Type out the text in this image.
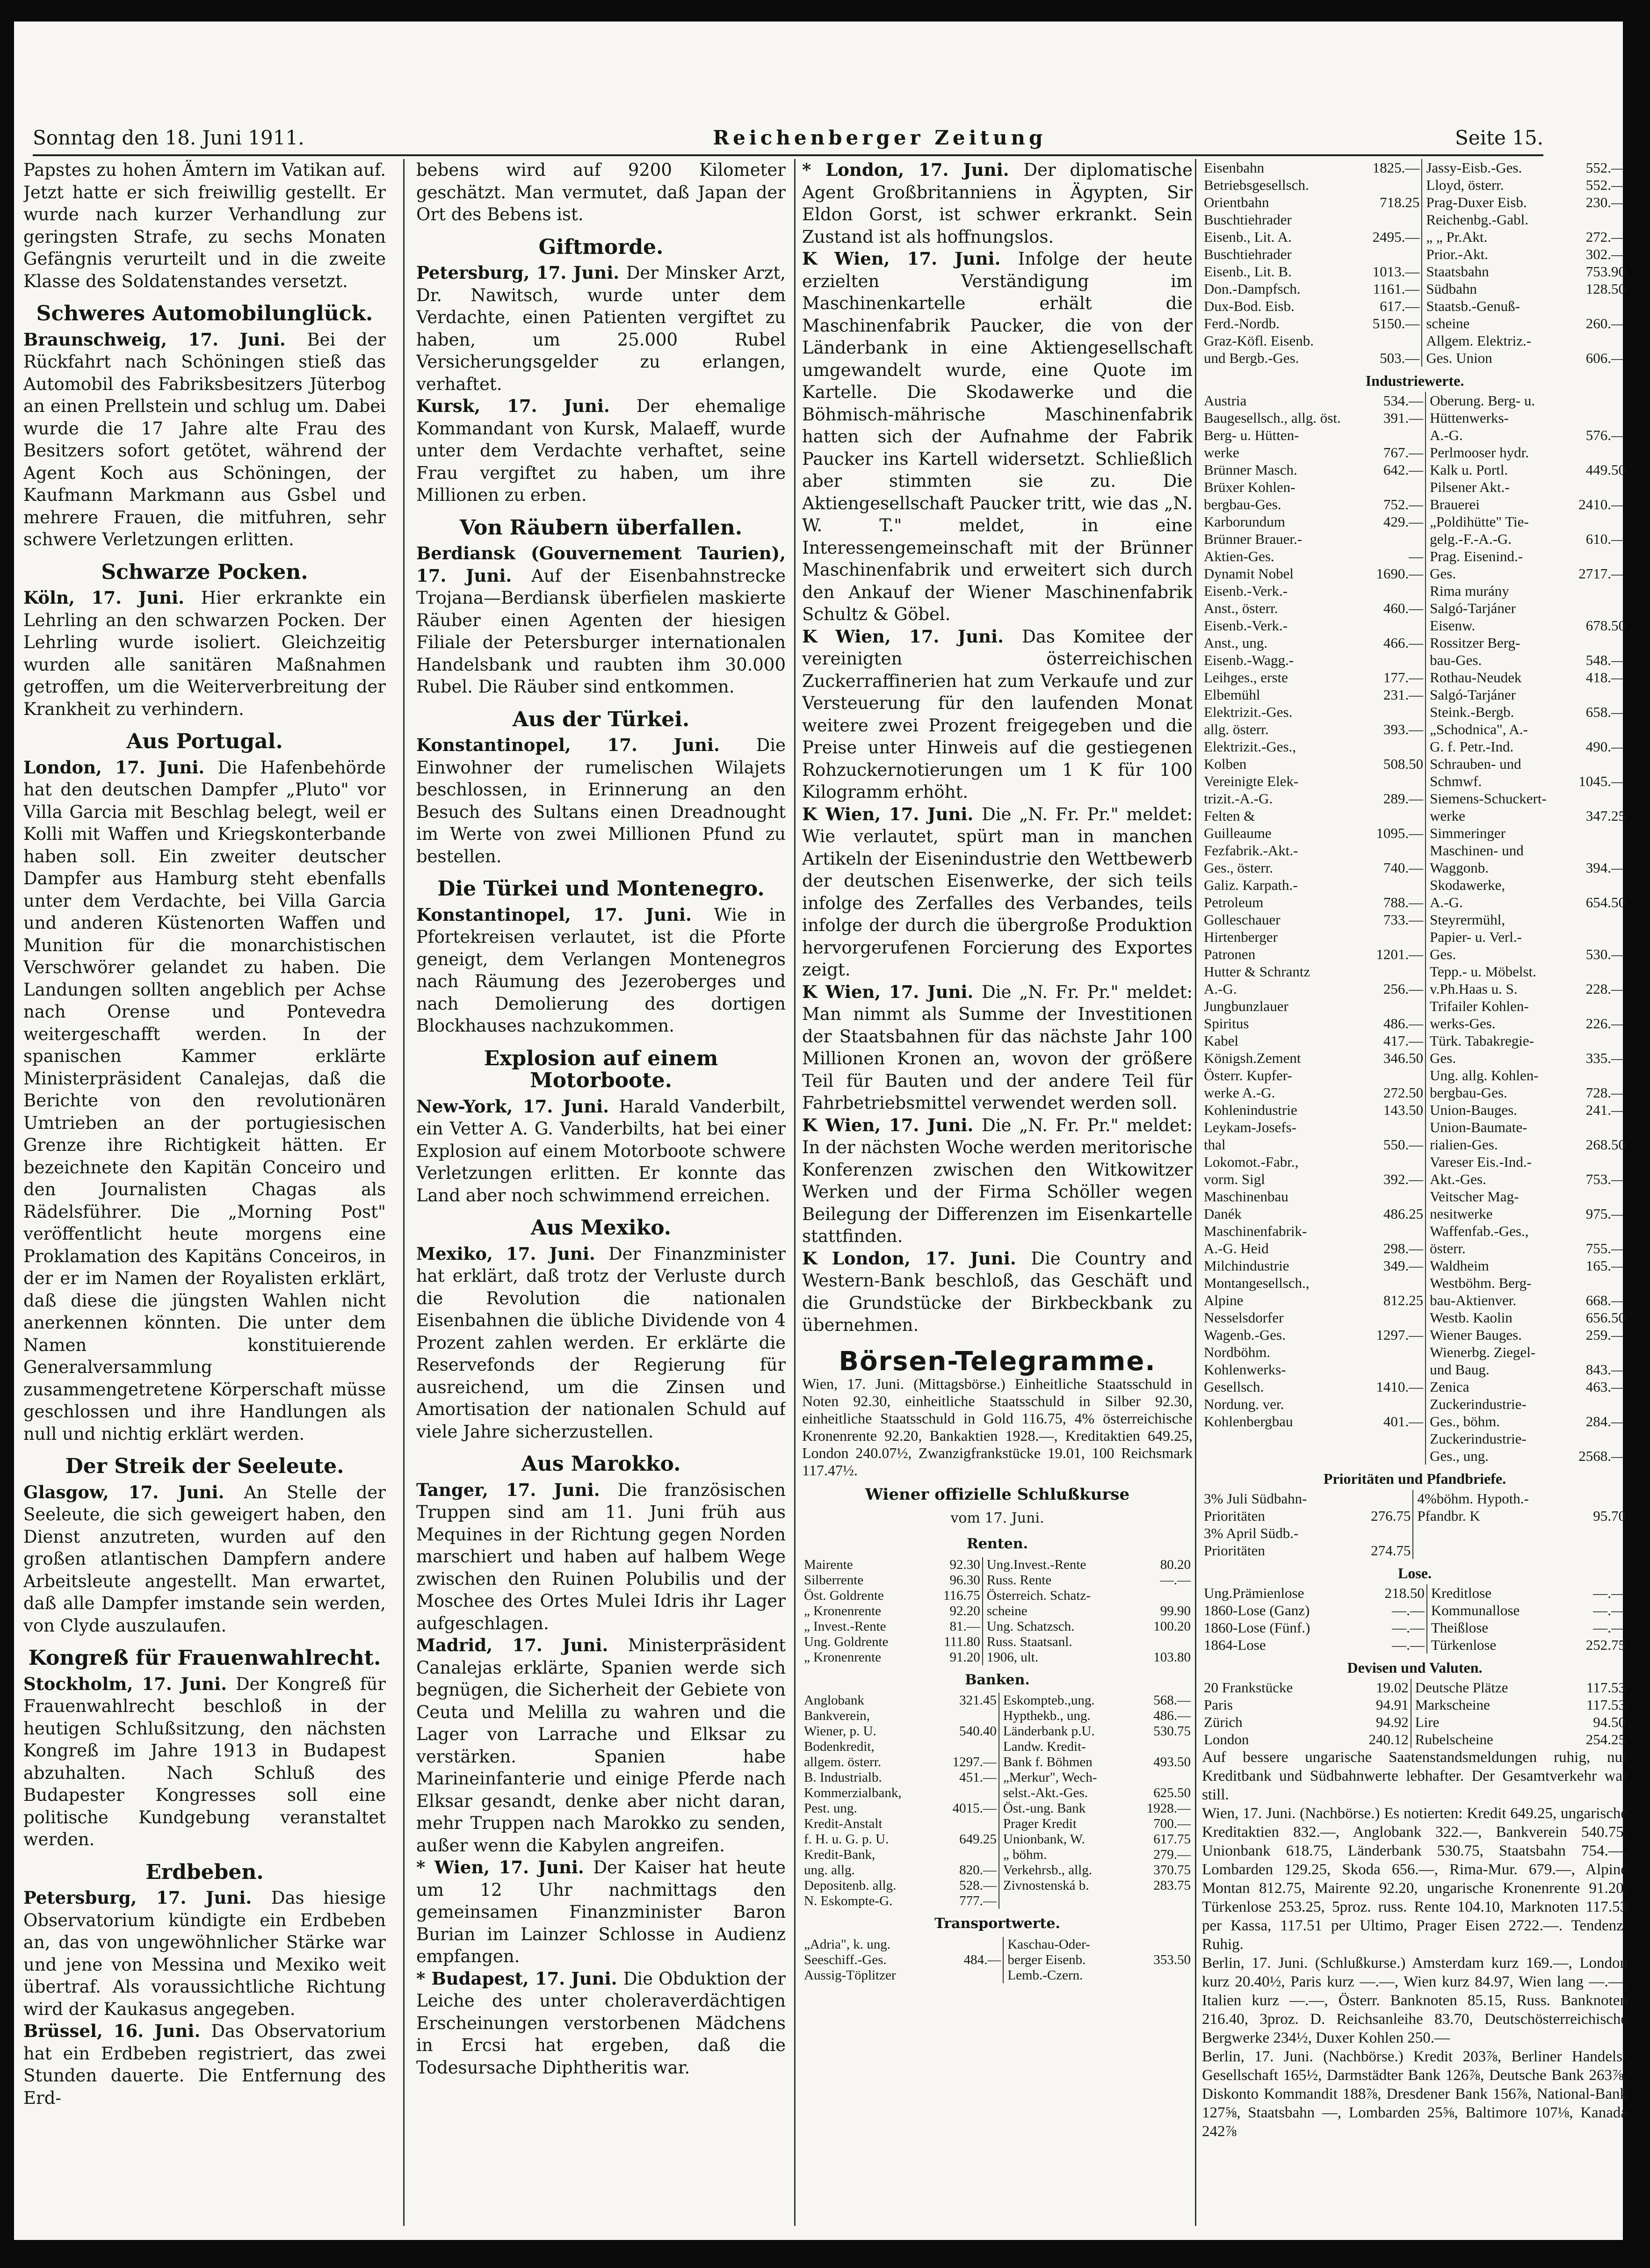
Sonntag den 18. Juni 1911.	Reichenberger Zeitung	Seite 15.

Papstes zu hohen Ämtern im Vatikan auf. Jetzt hatte er sich freiwillig gestellt. Er wurde nach kurzer Verhandlung zur geringsten Strafe, zu sechs Monaten Gefängnis verurteilt und in die zweite Klasse des Soldatenstandes versetzt.

Schweres Automobilunglück.

Braunschweig, 17. Juni. Bei der Rückfahrt nach Schöningen stieß das Automobil des Fabriksbesitzers Jüterbog an einen Prellstein und schlug um. Dabei wurde die 17 Jahre alte Frau des Besitzers sofort getötet, während der Agent Koch aus Schöningen, der Kaufmann Markmann aus Gsbel und mehrere Frauen, die mitfuhren, sehr schwere Verletzungen erlitten.

Schwarze Pocken.

Köln, 17. Juni. Hier erkrankte ein Lehrling an den schwarzen Pocken. Der Lehrling wurde isoliert. Gleichzeitig wurden alle sanitären Maßnahmen getroffen, um die Weiterverbreitung der Krankheit zu verhindern.

Aus Portugal.

London, 17. Juni. Die Hafenbehörde hat den deutschen Dampfer „Pluto" vor Villa Garcia mit Beschlag belegt, weil er Kolli mit Waffen und Kriegskonterbande haben soll. Ein zweiter deutscher Dampfer aus Hamburg steht ebenfalls unter dem Verdachte, bei Villa Garcia und anderen Küstenorten Waffen und Munition für die monarchistischen Verschwörer gelandet zu haben. Die Landungen sollten angeblich per Achse nach Orense und Pontevedra weitergeschafft werden. In der spanischen Kammer erklärte Ministerpräsident Canalejas, daß die Berichte von den revolutionären Umtrieben an der portugiesischen Grenze ihre Richtigkeit hätten. Er bezeichnete den Kapitän Conceiro und den Journalisten Chagas als Rädelsführer. Die „Morning Post" veröffentlicht heute morgens eine Proklamation des Kapitäns Conceiros, in der er im Namen der Royalisten erklärt, daß diese die jüngsten Wahlen nicht anerkennen könnten. Die unter dem Namen konstituierende Generalversammlung zusammengetretene Körperschaft müsse geschlossen und ihre Handlungen als null und nichtig erklärt werden.

Der Streik der Seeleute.

Glasgow, 17. Juni. An Stelle der Seeleute, die sich geweigert haben, den Dienst anzutreten, wurden auf den großen atlantischen Dampfern andere Arbeitsleute angestellt. Man erwartet, daß alle Dampfer imstande sein werden, von Clyde auszulaufen.

Kongreß für Frauenwahlrecht.

Stockholm, 17. Juni. Der Kongreß für Frauenwahlrecht beschloß in der heutigen Schlußsitzung, den nächsten Kongreß im Jahre 1913 in Budapest abzuhalten. Nach Schluß des Budapester Kongresses soll eine politische Kundgebung veranstaltet werden.

Erdbeben.

Petersburg, 17. Juni. Das hiesige Observatorium kündigte ein Erdbeben an, das von ungewöhnlicher Stärke war und jene von Messina und Mexiko weit übertraf. Als voraussichtliche Richtung wird der Kaukasus angegeben.

Brüssel, 16. Juni. Das Observatorium hat ein Erdbeben registriert, das zwei Stunden dauerte. Die Entfernung des Erd-

bebens wird auf 9200 Kilometer geschätzt. Man vermutet, daß Japan der Ort des Bebens ist.

Giftmorde.

Petersburg, 17. Juni. Der Minsker Arzt, Dr. Nawitsch, wurde unter dem Verdachte, einen Patienten vergiftet zu haben, um 25.000 Rubel Versicherungsgelder zu erlangen, verhaftet.

Kursk, 17. Juni. Der ehemalige Kommandant von Kursk, Malaeff, wurde unter dem Verdachte verhaftet, seine Frau vergiftet zu haben, um ihre Millionen zu erben.

Von Räubern überfallen.

Berdiansk (Gouvernement Taurien), 17. Juni. Auf der Eisenbahnstrecke Trojana—Berdiansk überfielen maskierte Räuber einen Agenten der hiesigen Filiale der Petersburger internationalen Handelsbank und raubten ihm 30.000 Rubel. Die Räuber sind entkommen.

Aus der Türkei.

Konstantinopel, 17. Juni. Die Einwohner der rumelischen Wilajets beschlossen, in Erinnerung an den Besuch des Sultans einen Dreadnought im Werte von zwei Millionen Pfund zu bestellen.

Die Türkei und Montenegro.

Konstantinopel, 17. Juni. Wie in Pfortekreisen verlautet, ist die Pforte geneigt, dem Verlangen Montenegros nach Räumung des Jezeroberges und nach Demolierung des dortigen Blockhauses nachzukommen.

Explosion auf einem Motorboote.

New-York, 17. Juni. Harald Vanderbilt, ein Vetter A. G. Vanderbilts, hat bei einer Explosion auf einem Motorboote schwere Verletzungen erlitten. Er konnte das Land aber noch schwimmend erreichen.

Aus Mexiko.

Mexiko, 17. Juni. Der Finanzminister hat erklärt, daß trotz der Verluste durch die Revolution die nationalen Eisenbahnen die übliche Dividende von 4 Prozent zahlen werden. Er erklärte die Reservefonds der Regierung für ausreichend, um die Zinsen und Amortisation der nationalen Schuld auf viele Jahre sicherzustellen.

Aus Marokko.

Tanger, 17. Juni. Die französischen Truppen sind am 11. Juni früh aus Mequines in der Richtung gegen Norden marschiert und haben auf halbem Wege zwischen den Ruinen Polubilis und der Moschee des Ortes Mulei Idris ihr Lager aufgeschlagen.

Madrid, 17. Juni. Ministerpräsident Canalejas erklärte, Spanien werde sich begnügen, die Sicherheit der Gebiete von Ceuta und Melilla zu wahren und die Lager von Larrache und Elksar zu verstärken. Spanien habe Marineinfanterie und einige Pferde nach Elksar gesandt, denke aber nicht daran, mehr Truppen nach Marokko zu senden, außer wenn die Kabylen angreifen.

* Wien, 17. Juni. Der Kaiser hat heute um 12 Uhr nachmittags den gemeinsamen Finanzminister Baron Burian im Lainzer Schlosse in Audienz empfangen.

* Budapest, 17. Juni. Die Obduktion der Leiche des unter choleraverdächtigen Erscheinungen verstorbenen Mädchens in Ercsi hat ergeben, daß die Todesursache Diphtheritis war.

* London, 17. Juni. Der diplomatische Agent Großbritanniens in Ägypten, Sir Eldon Gorst, ist schwer erkrankt. Sein Zustand ist als hoffnungslos.

K Wien, 17. Juni. Infolge der heute erzielten Verständigung im Maschinenkartelle erhält die Maschinenfabrik Paucker, die von der Länderbank in eine Aktiengesellschaft umgewandelt wurde, eine Quote im Kartelle. Die Skodawerke und die Böhmisch-mährische Maschinenfabrik hatten sich der Aufnahme der Fabrik Paucker ins Kartell widersetzt. Schließlich aber stimmten sie zu. Die Aktiengesellschaft Paucker tritt, wie das „N. W. T." meldet, in eine Interessengemeinschaft mit der Brünner Maschinenfabrik und erweitert sich durch den Ankauf der Wiener Maschinenfabrik Schultz & Göbel.

K Wien, 17. Juni. Das Komitee der vereinigten österreichischen Zuckerraffinerien hat zum Verkaufe und zur Versteuerung für den laufenden Monat weitere zwei Prozent freigegeben und die Preise unter Hinweis auf die gestiegenen Rohzuckernotierungen um 1 K für 100 Kilogramm erhöht.

K Wien, 17. Juni. Die „N. Fr. Pr." meldet: Wie verlautet, spürt man in manchen Artikeln der Eisenindustrie den Wettbewerb der deutschen Eisenwerke, der sich teils infolge des Zerfalles des Verbandes, teils infolge der durch die übergroße Produktion hervorgerufenen Forcierung des Exportes zeigt.

K Wien, 17. Juni. Die „N. Fr. Pr." meldet: Man nimmt als Summe der Investitionen der Staatsbahnen für das nächste Jahr 100 Millionen Kronen an, wovon der größere Teil für Bauten und der andere Teil für Fahrbetriebsmittel verwendet werden soll.

K Wien, 17. Juni. Die „N. Fr. Pr." meldet: In der nächsten Woche werden meritorische Konferenzen zwischen den Witkowitzer Werken und der Firma Schöller wegen Beilegung der Differenzen im Eisenkartelle stattfinden.

K London, 17. Juni. Die Country and Western-Bank beschloß, das Geschäft und die Grundstücke der Birkbeckbank zu übernehmen.

Börsen-Telegramme.

Wien, 17. Juni. (Mittagsbörse.) Einheitliche Staatsschuld in Noten 92.30, einheitliche Staatsschuld in Silber 92.30, einheitliche Staatsschuld in Gold 116.75, 4% österreichische Kronenrente 92.20, Bankaktien 1928.—, Kreditaktien 649.25, London 240.07½, Zwanzigfrankstücke 19.01, 100 Reichsmark 117.47½.

Wiener offizielle Schlußkurse
vom 17. Juni.
Renten.
Mairente	92.30		Ung.Invest.-Rente	80.20
Silberrente	96.30		Russ. Rente	—.—
Öst. Goldrente	116.75		Österreich. Schatz-	
„ Kronenrente	92.20		scheine	99.90
„ Invest.-Rente	81.—		Ung. Schatzsch.	100.20
Ung. Goldrente	111.80		Russ. Staatsanl.	
„ Kronenrente	91.20		1906, ult.	103.80
Banken.
Anglobank	321.45		Eskompteb.,ung.	568.—
Bankverein,			Hypthekb., ung.	486.—
Wiener, p. U.	540.40		Länderbank p.U.	530.75
Bodenkredit,			Landw. Kredit-	
allgem. österr.	1297.—		Bank f. Böhmen	493.50
B. Industrialb.	451.—		„Merkur", Wech-	
Kommerzialbank,			selst.-Akt.-Ges.	625.50
Pest. ung.	4015.—		Öst.-ung. Bank	1928.—
Kredit-Anstalt			Prager Kredit	700.—
f. H. u. G. p. U.	649.25		Unionbank, W.	617.75
Kredit-Bank,			„ böhm.	279.—
ung. allg.	820.—		Verkehrsb., allg.	370.75
Depositenb. allg.	528.—		Zivnostenská b.	283.75
N. Eskompte-G.	777.—			
Transportwerte.
„Adria", k. ung.			Kaschau-Oder-	
Seeschiff.-Ges.	484.—		berger Eisenb.	353.50
Aussig-Töplitzer			Lemb.-Czern.	
Eisenbahn	1825.—		Jassy-Eisb.-Ges.	552.—
Betriebsgesellsch.			Lloyd, österr.	552.—
Orientbahn	718.25		Prag-Duxer Eisb.	230.—
Buschtiehrader			Reichenbg.-Gabl.	
Eisenb., Lit. A.	2495.—		„ „ Pr.Akt.	272.—
Buschtiehrader			Prior.-Akt.	302.—
Eisenb., Lit. B.	1013.—		Staatsbahn	753.90
Don.-Dampfsch.	1161.—		Südbahn	128.50
Dux-Bod. Eisb.	617.—		Staatsb.-Genuß-	
Ferd.-Nordb.	5150.—		scheine	260.—
Graz-Köfl. Eisenb.			Allgem. Elektriz.-	
und Bergb.-Ges.	503.—		Ges. Union	606.—
Industriewerte.
Austria	534.—		Oberung. Berg- u.	
Baugesellsch., allg. öst.	391.—		Hüttenwerks-	
Berg- u. Hütten-			A.-G.	576.—
werke	767.—		Perlmooser hydr.	
Brünner Masch.	642.—		Kalk u. Portl.	449.50
Brüxer Kohlen-			Pilsener Akt.-	
bergbau-Ges.	752.—		Brauerei	2410.—
Karborundum	429.—		„Poldihütte" Tie-	
Brünner Brauer.-			gelg.-F.-A.-G.	610.—
Aktien-Ges.	—		Prag. Eisenind.-	
Dynamit Nobel	1690.—		Ges.	2717.—
Eisenb.-Verk.-			Rima murány	
Anst., österr.	460.—		Salgó-Tarjáner	
Eisenb.-Verk.-			Eisenw.	678.50
Anst., ung.	466.—		Rossitzer Berg-	
Eisenb.-Wagg.-			bau-Ges.	548.—
Leihges., erste	177.—		Rothau-Neudek	418.—
Elbemühl	231.—		Salgó-Tarjáner	
Elektrizit.-Ges.			Steink.-Bergb.	658.—
allg. österr.	393.—		„Schodnica", A.-	
Elektrizit.-Ges.,			G. f. Petr.-Ind.	490.—
Kolben	508.50		Schrauben- und	
Vereinigte Elek-			Schmwf.	1045.—
trizit.-A.-G.	289.—		Siemens-Schuckert-	
Felten &			werke	347.25
Guilleaume	1095.—		Simmeringer	
Fezfabrik.-Akt.-			Maschinen- und	
Ges., österr.	740.—		Waggonb.	394.—
Galiz. Karpath.-			Skodawerke,	
Petroleum	788.—		A.-G.	654.50
Golleschauer	733.—		Steyrermühl,	
Hirtenberger			Papier- u. Verl.-	
Patronen	1201.—		Ges.	530.—
Hutter & Schrantz			Tepp.- u. Möbelst.	
A.-G.	256.—		v.Ph.Haas u. S.	228.—
Jungbunzlauer			Trifailer Kohlen-	
Spiritus	486.—		werks-Ges.	226.—
Kabel	417.—		Türk. Tabakregie-	
Königsh.Zement	346.50		Ges.	335.—
Österr. Kupfer-			Ung. allg. Kohlen-	
werke A.-G.	272.50		bergbau-Ges.	728.—
Kohlenindustrie	143.50		Union-Bauges.	241.—
Leykam-Josefs-			Union-Baumate-	
thal	550.—		rialien-Ges.	268.50
Lokomot.-Fabr.,			Vareser Eis.-Ind.-	
vorm. Sigl	392.—		Akt.-Ges.	753.—
Maschinenbau			Veitscher Mag-	
Danék	486.25		nesitwerke	975.—
Maschinenfabrik-			Waffenfab.-Ges.,	
A.-G. Heid	298.—		österr.	755.—
Milchindustrie	349.—		Waldheim	165.—
Montangesellsch.,			Westböhm. Berg-	
Alpine	812.25		bau-Aktienver.	668.—
Nesselsdorfer			Westb. Kaolin	656.50
Wagenb.-Ges.	1297.—		Wiener Bauges.	259.—
Nordböhm.			Wienerbg. Ziegel-	
Kohlenwerks-			und Baug.	843.—
Gesellsch.	1410.—		Zenica	463.—
Nordung. ver.			Zuckerindustrie-	
Kohlenbergbau	401.—		Ges., böhm.	284.—
			Zuckerindustrie-	
			Ges., ung.	2568.—
Prioritäten und Pfandbriefe.
3% Juli Südbahn-			4%böhm. Hypoth.-	
Prioritäten	276.75		Pfandbr. K	95.70
3% April Südb.-				
Prioritäten	274.75			
Lose.
Ung.Prämienlose	218.50		Kreditlose	—.—
1860-Lose (Ganz)	—.—		Kommunallose	—.—
1860-Lose (Fünf.)	—.—		Theißlose	—.—
1864-Lose	—.—		Türkenlose	252.75
Devisen und Valuten.
20 Frankstücke	19.02		Deutsche Plätze	117.53
Paris	94.91		Markscheine	117.53
Zürich	94.92		Lire	94.50
London	240.12		Rubelscheine	254.25

Auf bessere ungarische Saatenstandsmeldungen ruhig, nur Kreditbank und Südbahnwerte lebhafter. Der Gesamtverkehr war still.

Wien, 17. Juni. (Nachbörse.) Es notierten: Kredit 649.25, ungarische Kreditaktien 832.—, Anglobank 322.—, Bankverein 540.75, Unionbank 618.75, Länderbank 530.75, Staatsbahn 754.—, Lombarden 129.25, Skoda 656.—, Rima-Mur. 679.—, Alpine Montan 812.75, Mairente 92.20, ungarische Kronenrente 91.20, Türkenlose 253.25, 5proz. russ. Rente 104.10, Marknoten 117.53 per Kassa, 117.51 per Ultimo, Prager Eisen 2722.—. Tendenz: Ruhig.

Berlin, 17. Juni. (Schlußkurse.) Amsterdam kurz 169.—, London kurz 20.40½, Paris kurz —.—, Wien kurz 84.97, Wien lang —.—, Italien kurz —.—, Österr. Banknoten 85.15, Russ. Banknoten 216.40, 3proz. D. Reichsanleihe 83.70, Deutschösterreichische Bergwerke 234½, Duxer Kohlen 250.—

Berlin, 17. Juni. (Nachbörse.) Kredit 203⅞, Berliner Handels-Gesellschaft 165½, Darmstädter Bank 126⅞, Deutsche Bank 263⅞, Diskonto Kommandit 188⅞, Dresdener Bank 156⅞, National-Bank 127⅝, Staatsbahn —, Lombarden 25⅝, Baltimore 107⅛, Kanada 242⅞
